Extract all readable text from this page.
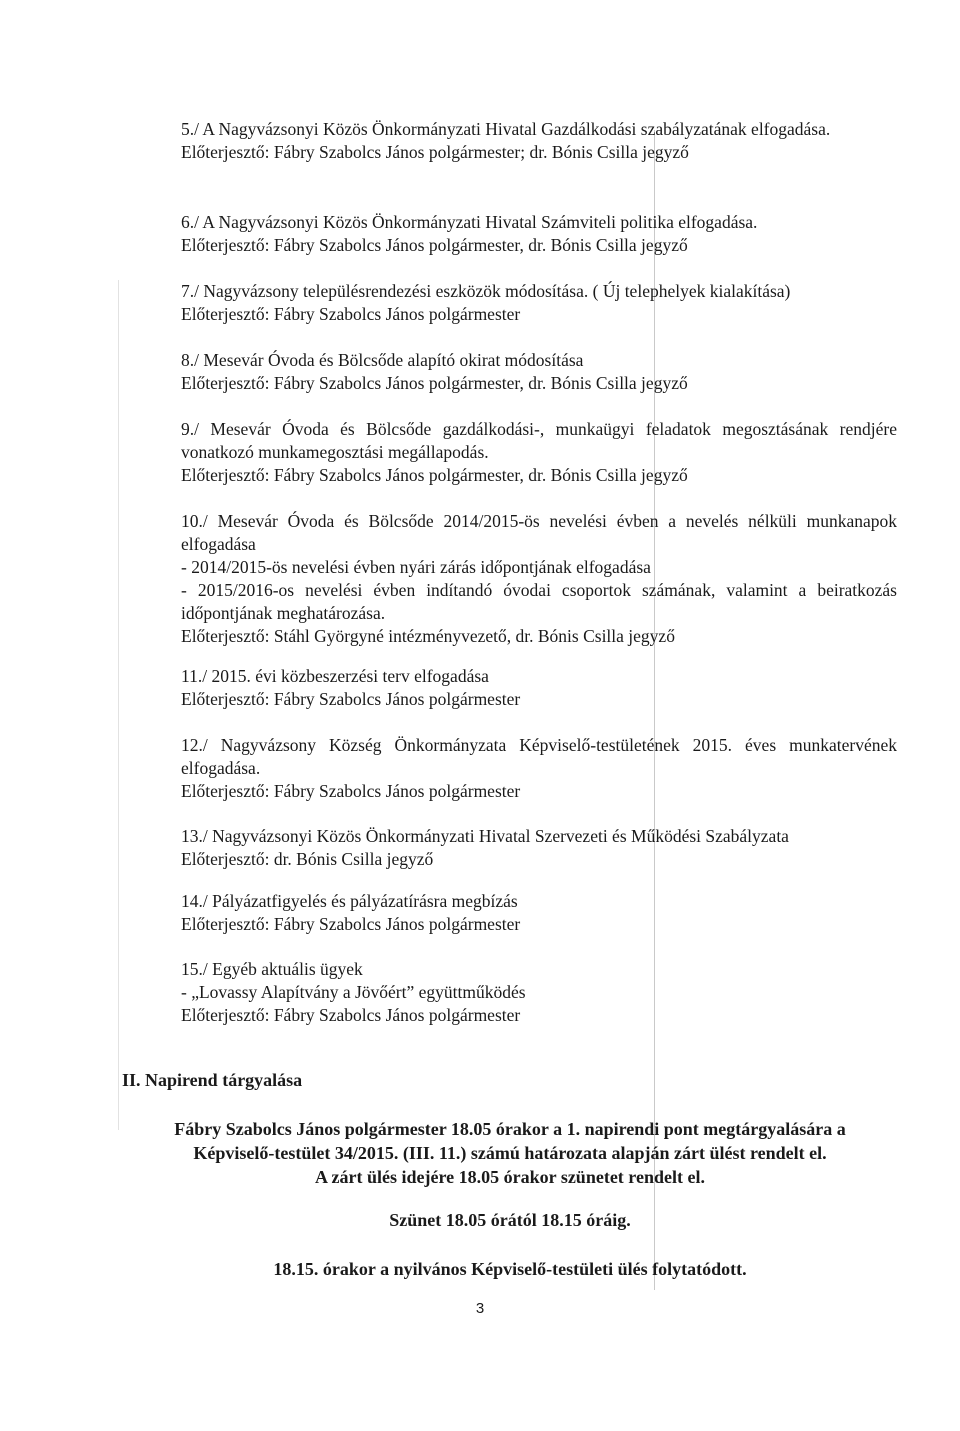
5./ A Nagyvázsonyi Közös Önkormányzati Hivatal Gazdálkodási szabályzatának elfogadása.

Előterjesztő: Fábry Szabolcs János polgármester; dr. Bónis Csilla jegyző

6./ A Nagyvázsonyi Közös Önkormányzati Hivatal Számviteli politika elfogadása.

Előterjesztő: Fábry Szabolcs János polgármester, dr. Bónis Csilla jegyző

7./ Nagyvázsony településrendezési eszközök módosítása. ( Új telephelyek kialakítása)

Előterjesztő: Fábry Szabolcs János polgármester

8./ Mesevár Óvoda és Bölcsőde alapító okirat módosítása

Előterjesztő: Fábry Szabolcs János polgármester, dr. Bónis Csilla jegyző

9./ Mesevár Óvoda és Bölcsőde gazdálkodási-, munkaügyi feladatok megosztásának rendjére vonatkozó munkamegosztási megállapodás.

Előterjesztő: Fábry Szabolcs János polgármester, dr. Bónis Csilla jegyző

10./ Mesevár Óvoda és Bölcsőde 2014/2015-ös nevelési évben a nevelés nélküli munkanapok elfogadása

- 2014/2015-ös nevelési évben nyári zárás időpontjának elfogadása

- 2015/2016-os nevelési évben indítandó óvodai csoportok számának, valamint a beiratkozás időpontjának meghatározása.

Előterjesztő: Stáhl Györgyné intézményvezető, dr. Bónis Csilla jegyző

11./ 2015. évi közbeszerzési terv elfogadása

Előterjesztő: Fábry Szabolcs János polgármester

12./ Nagyvázsony Község Önkormányzata Képviselő-testületének 2015. éves munkatervének elfogadása.

Előterjesztő: Fábry Szabolcs János polgármester

13./ Nagyvázsonyi Közös Önkormányzati Hivatal Szervezeti és Működési Szabályzata

Előterjesztő: dr. Bónis Csilla jegyző

14./ Pályázatfigyelés és pályázatírásra megbízás

Előterjesztő: Fábry Szabolcs János polgármester

15./ Egyéb aktuális ügyek

- „Lovassy Alapítvány a Jövőért” együttműködés

Előterjesztő: Fábry Szabolcs János polgármester

II. Napirend tárgyalása
Fábry Szabolcs János polgármester 18.05 órakor a 1. napirendi pont megtárgyalására a
Képviselő-testület 34/2015. (III. 11.) számú határozata alapján zárt ülést rendelt el.
A zárt ülés idejére 18.05 órakor szünetet rendelt el.

Szünet 18.05 órától 18.15 óráig.

18.15. órakor a nyilvános Képviselő-testületi ülés folytatódott.

3
